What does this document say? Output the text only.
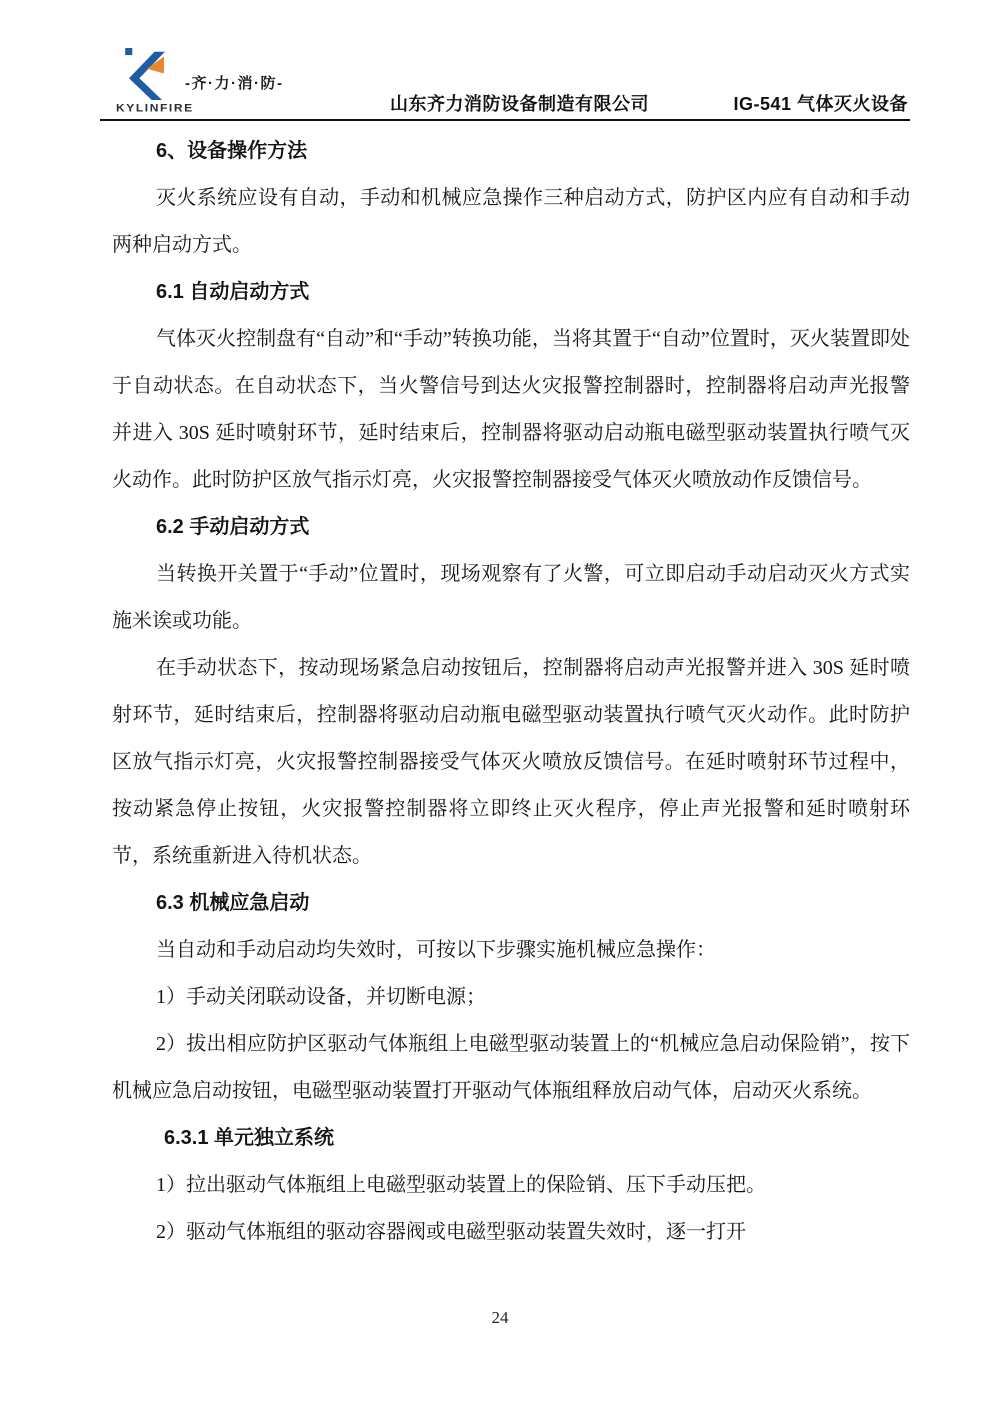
KYLINFIRE
-齐·力·消·防-
山东齐力消防设备制造有限公司	IG-541 气体灭火设备

6、设备操作方法

灭火系统应设有自动，手动和机械应急操作三种启动方式，防护区内应有自动和手动两种启动方式。

6.1 自动启动方式

气体灭火控制盘有“自动”和“手动”转换功能，当将其置于“自动”位置时，灭火装置即处于自动状态。在自动状态下，当火警信号到达火灾报警控制器时，控制器将启动声光报警并进入 30S 延时喷射环节，延时结束后，控制器将驱动启动瓶电磁型驱动装置执行喷气灭火动作。此时防护区放气指示灯亮，火灾报警控制器接受气体灭火喷放动作反馈信号。

6.2 手动启动方式

当转换开关置于“手动”位置时，现场观察有了火警，可立即启动手动启动灭火方式实施米诶或功能。

在手动状态下，按动现场紧急启动按钮后，控制器将启动声光报警并进入 30S 延时喷射环节，延时结束后，控制器将驱动启动瓶电磁型驱动装置执行喷气灭火动作。此时防护区放气指示灯亮，火灾报警控制器接受气体灭火喷放反馈信号。在延时喷射环节过程中， 按动紧急停止按钮，火灾报警控制器将立即终止灭火程序，停止声光报警和延时喷射环节，系统重新进入待机状态。

6.3 机械应急启动

当自动和手动启动均失效时，可按以下步骤实施机械应急操作：

1）手动关闭联动设备，并切断电源；

2）拔出相应防护区驱动气体瓶组上电磁型驱动装置上的“机械应急启动保险销”，按下机械应急启动按钮，电磁型驱动装置打开驱动气体瓶组释放启动气体，启动灭火系统。

6.3.1 单元独立系统

1）拉出驱动气体瓶组上电磁型驱动装置上的保险销、压下手动压把。

2）驱动气体瓶组的驱动容器阀或电磁型驱动装置失效时，逐一打开

24
